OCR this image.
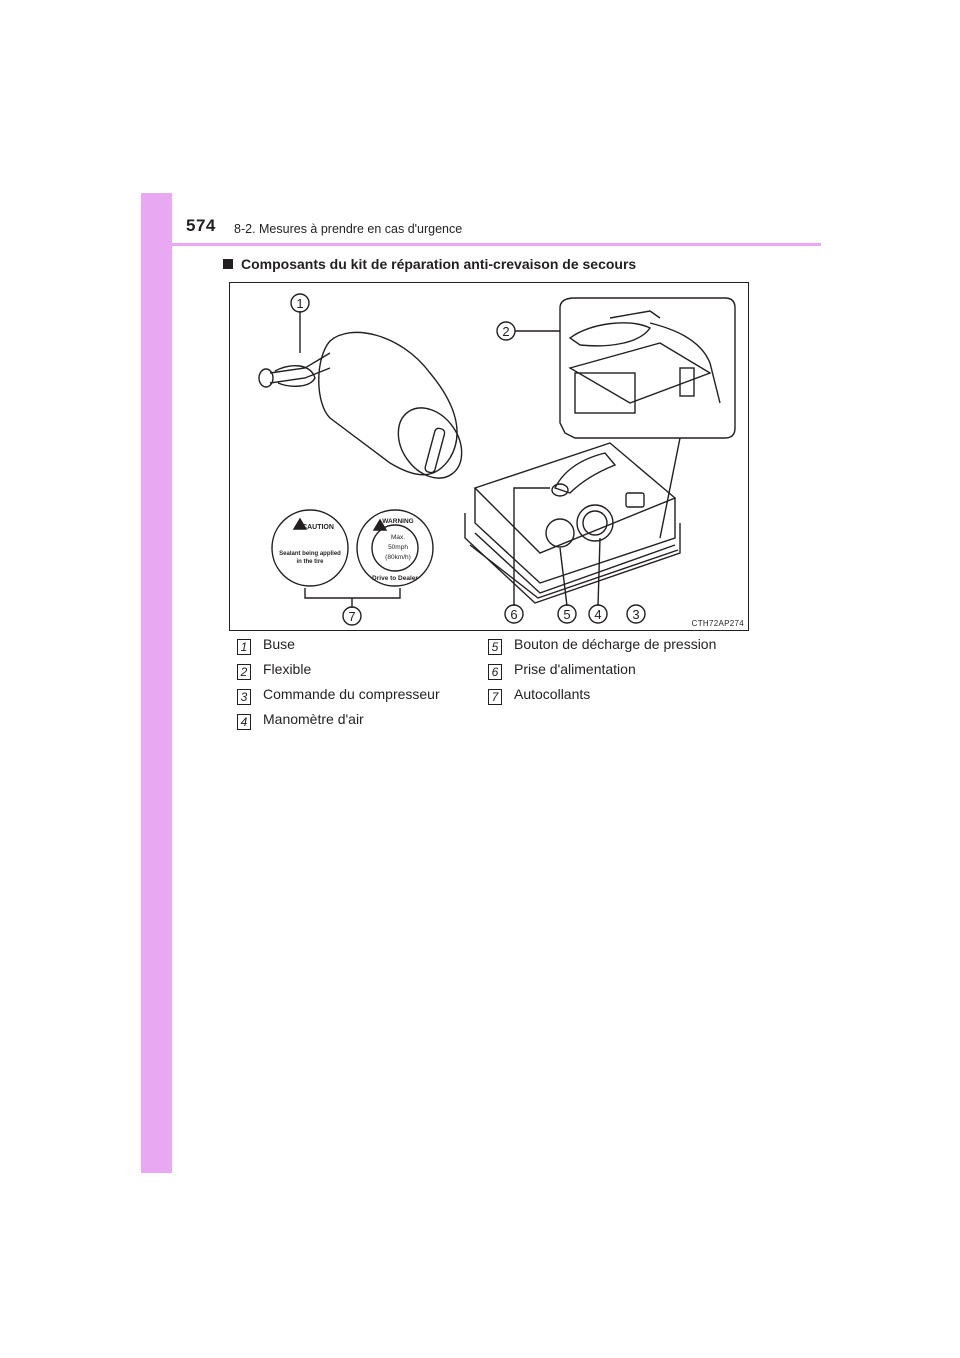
574 8-2. Mesures à prendre en cas d'urgence
Composants du kit de réparation anti-crevaison de secours
1
2
3
4
5
6
7
CAUTION
Sealant being applied
in the tire
WARNING
Max.
50mph
(80km/h)
Drive to Dealer
CTH72AP274
1 Buse
2 Flexible
3 Commande du compresseur
4 Manomètre d'air
5 Bouton de décharge de pression
6 Prise d'alimentation
7 Autocollants
